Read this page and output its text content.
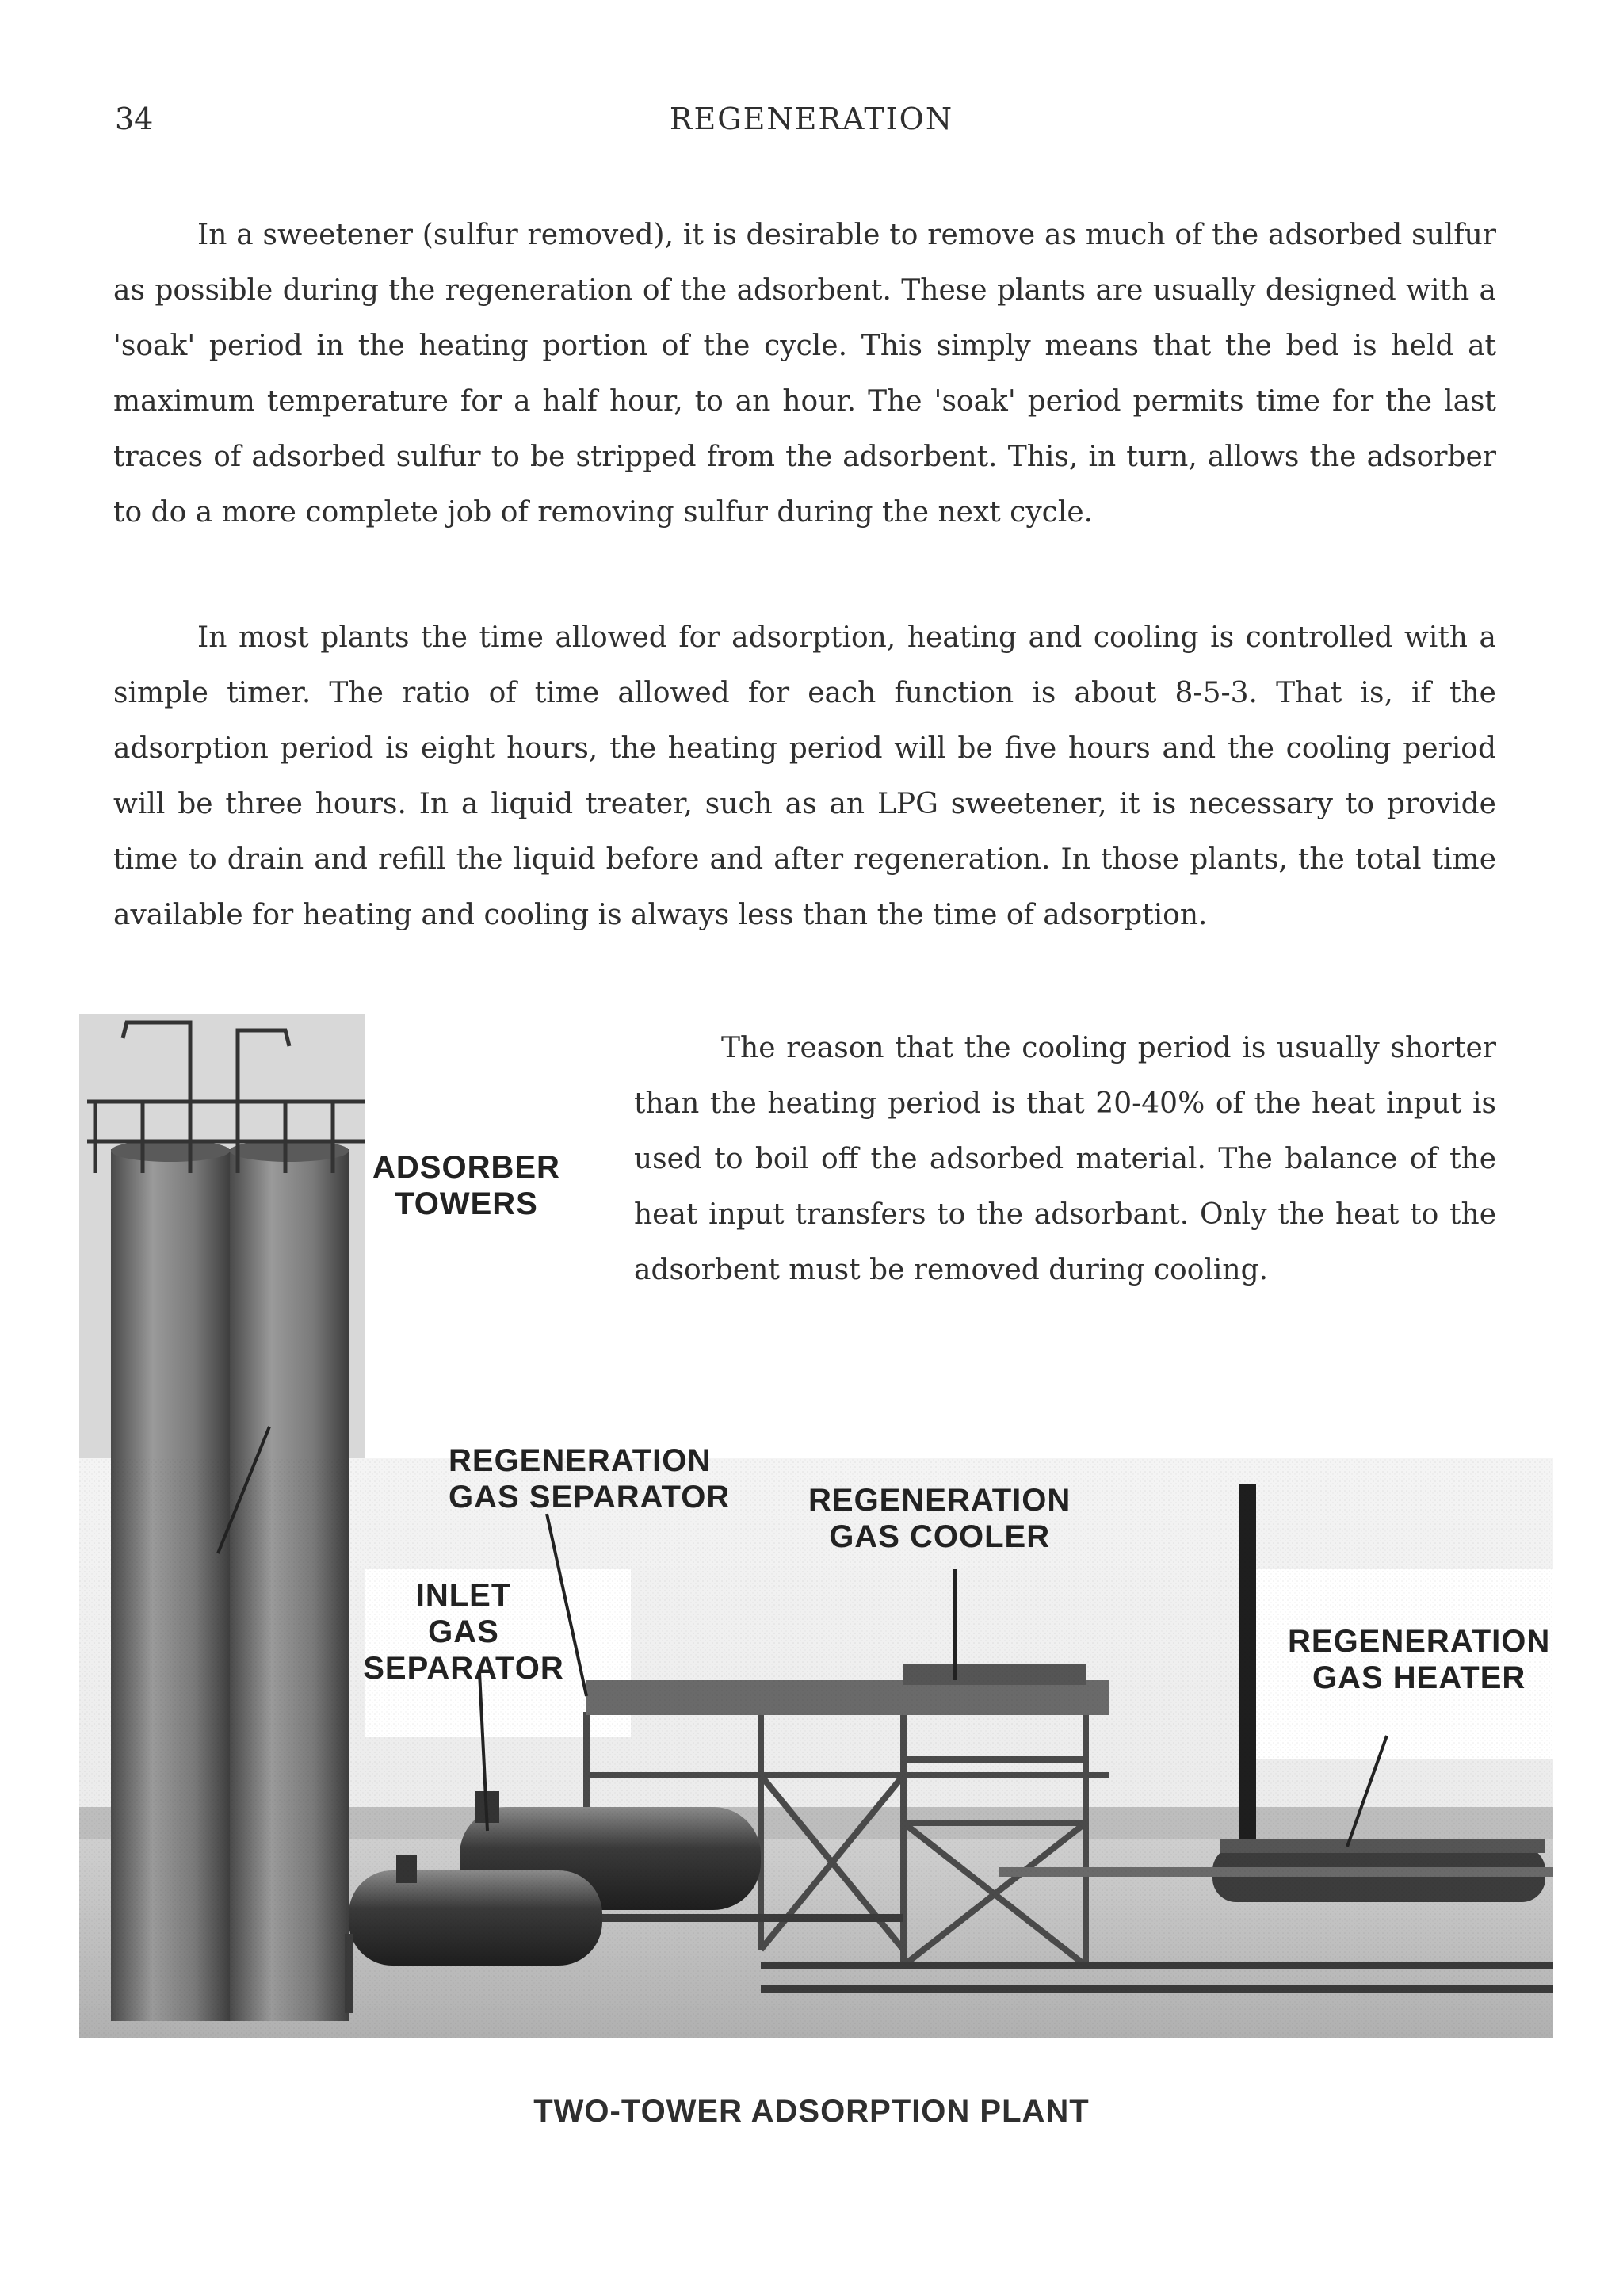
34	REGENERATION

In a sweetener (sulfur removed), it is desirable to remove as much of the adsorbed sulfur as possible during the regeneration of the adsorbent. These plants are usually designed with a 'soak' period in the heating portion of the cycle. This simply means that the bed is held at maximum temperature for a half hour, to an hour. The 'soak' period permits time for the last traces of adsorbed sulfur to be stripped from the adsorbent. This, in turn, allows the adsorber to do a more complete job of removing sulfur during the next cycle.

In most plants the time allowed for adsorption, heating and cooling is controlled with a simple timer. The ratio of time allowed for each function is about 8-5-3. That is, if the adsorption period is eight hours, the heating period will be five hours and the cooling period will be three hours. In a liquid treater, such as an LPG sweetener, it is necessary to provide time to drain and refill the liquid before and after regeneration. In those plants, the total time available for heating and cooling is always less than the time of adsorption.

ADSORBER
TOWERS
REGENERATION
GAS SEPARATOR REGENERATION
GAS COOLER
INLET
GAS
SEPARATOR
REGENERATION
GAS HEATER

The reason that the cooling period is usually shorter than the heating period is that 20-40% of the heat input is used to boil off the adsorbed material. The balance of the heat input transfers to the adsorbant. Only the heat to the adsorbent must be removed during cooling.

TWO-TOWER ADSORPTION PLANT
